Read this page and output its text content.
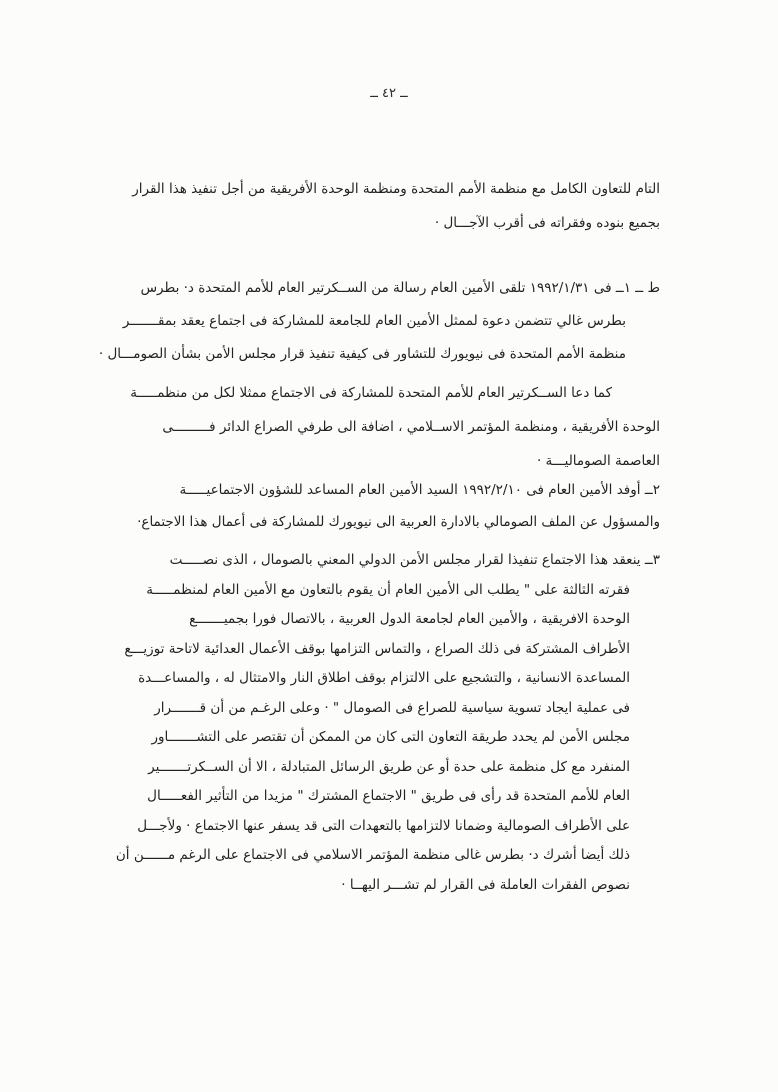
ــ ٤٢ ــ
التام للتعاون الكامل مع منظمة الأمم المتحدة ومنظمة الوحدة الأفريقية من أجل تنفيذ هذا القرار
بجميع بنوده وفقراته فى أقرب الآجـــال ·
ط ــ ١ــ فى ١٩٩٢/١/٣١ تلقى الأمين العام رسالة من الســكرتير العام للأمم المتحدة د· بطرس
بطرس غالي تتضمن دعوة لممثل الأمين العام للجامعة للمشاركة فى اجتماع يعقد بمقـــــــر
منظمة الأمم المتحدة فى نيويورك للتشاور فى كيفية تنفيذ قرار مجلس الأمن بشأن الصومـــال ·
كما دعا الســكرتير العام للأمم المتحدة للمشاركة فى الاجتماع ممثلا لكل من منظمـــــة
الوحدة الأفريقية ، ومنظمة المؤتمر الاســلامي ، اضافة الى طرفي الصراع الدائر فـــــــــى
العاصمة الصوماليـــة ·
٢ــ أوفد الأمين العام فى ١٩٩٢/٢/١٠ السيد الأمين العام المساعد للشؤون الاجتماعيـــــة
والمسؤول عن الملف الصومالي بالادارة العربية الى نيويورك للمشاركة فى أعمال هذا الاجتماع·
٣ــ ينعقد هذا الاجتماع تنفيذا لقرار مجلس الأمن الدولي المعني بالصومال ، الذى نصـــــت
فقرته الثالثة على " يطلب الى الأمين العام أن يقوم بالتعاون مع الأمين العام لمنظمـــــة
الوحدة الافريقية ، والأمين العام لجامعة الدول العربية ، بالاتصال فورا بجميـــــــع
الأطراف المشتركة فى ذلك الصراع ، والتماس التزامها بوقف الأعمال العدائية لاتاحة توزيـــع
المساعدة الانسانية ، والتشجيع على الالتزام بوقف اطلاق النار والامتثال له ، والمساعـــدة
فى عملية ايجاد تسوية سياسية للصراع فى الصومال " · وعلى الرغـم من أن قـــــــرار
مجلس الأمن لم يحدد طريقة التعاون التى كان من الممكن أن تقتصر على التشـــــــاور
المنفرد مع كل منظمة على حدة أو عن طريق الرسائل المتبادلة ، الا أن الســكرتـــــــير
العام للأمم المتحدة قد رأى فى طريق " الاجتماع المشترك " مزيدا من التأثير الفعـــــال
على الأطراف الصومالية وضمانا لالتزامها بالتعهدات التى قد يسفر عنها الاجتماع · ولأجـــل
ذلك أيضا أشرك د· بطرس غالى منظمة المؤتمر الاسلامي فى الاجتماع على الرغم مــــــن أن
نصوص الفقرات العاملة فى القرار لم تشـــر اليهــا ·
